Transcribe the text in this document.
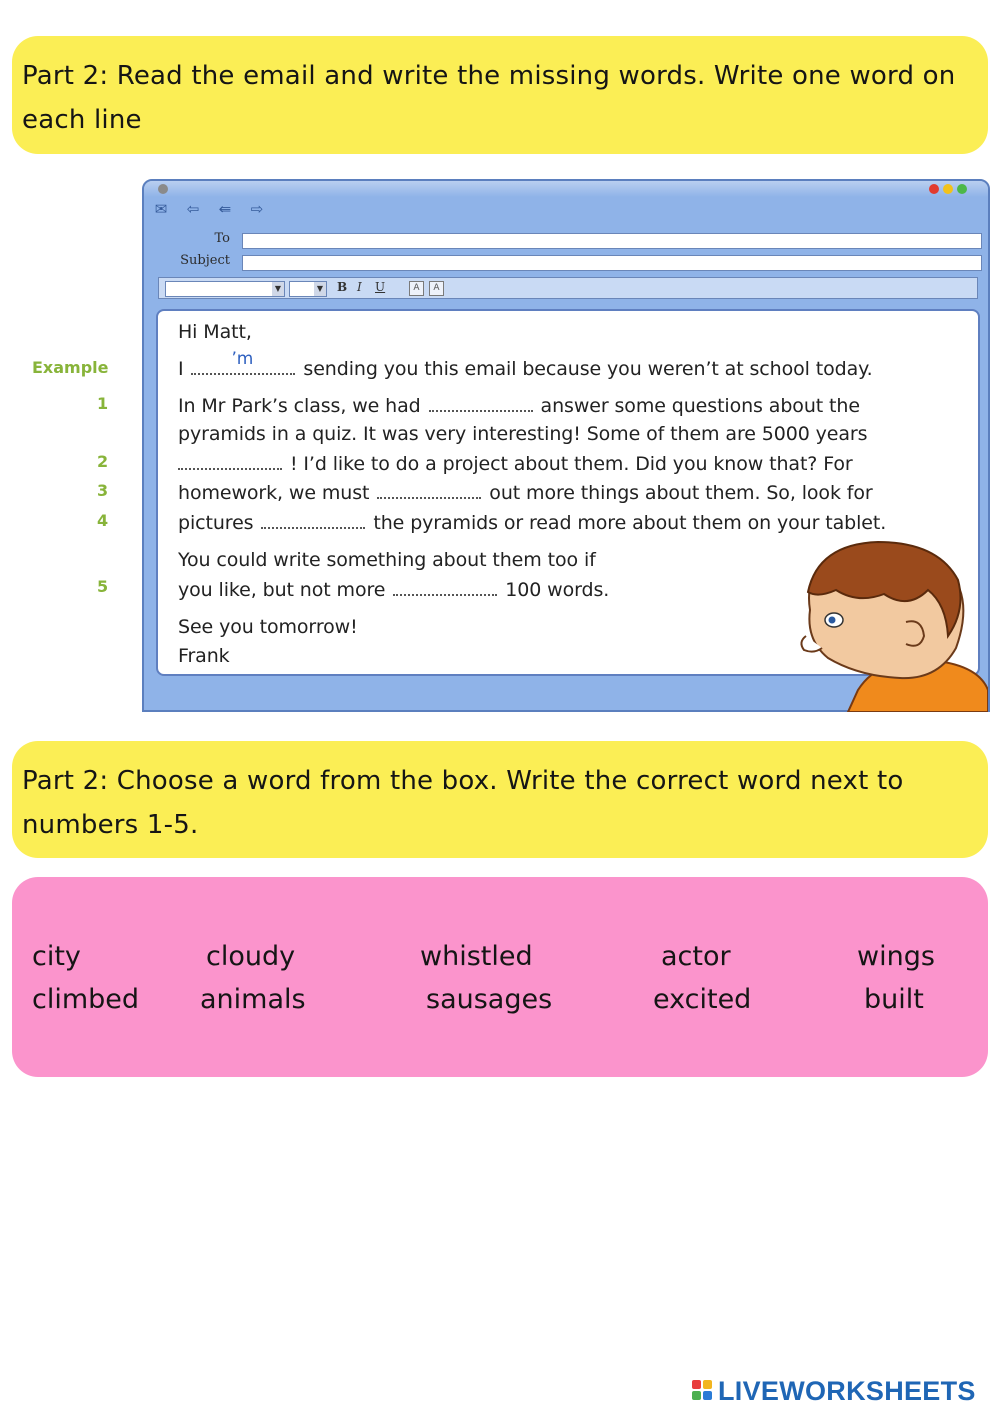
Part 2: Read the email and write the missing words. Write one word on each line
✉	⇦	⇚	⇨
To
Subject
▼	▼ B I U	A	A
Hi Matt,
I	’m	sending you this email because you weren’t at school today.
In Mr Park’s class, we had	answer some questions about the
pyramids in a quiz. It was very interesting! Some of them are 5000 years
! I’d like to do a project about them. Did you know that? For
homework, we must	out more things about them. So, look for
pictures	the pyramids or read more about them on your tablet.
You could write something about them too if
you like, but not more	100 words.
See you tomorrow!
Frank
Example
1
2
3
4
5
Part 2: Choose a word from the box. Write the correct word next to numbers 1-5.
city	cloudy	whistled	actor	wings
climbed animals	sausages	excited	built
LIVEWORKSHEETS
